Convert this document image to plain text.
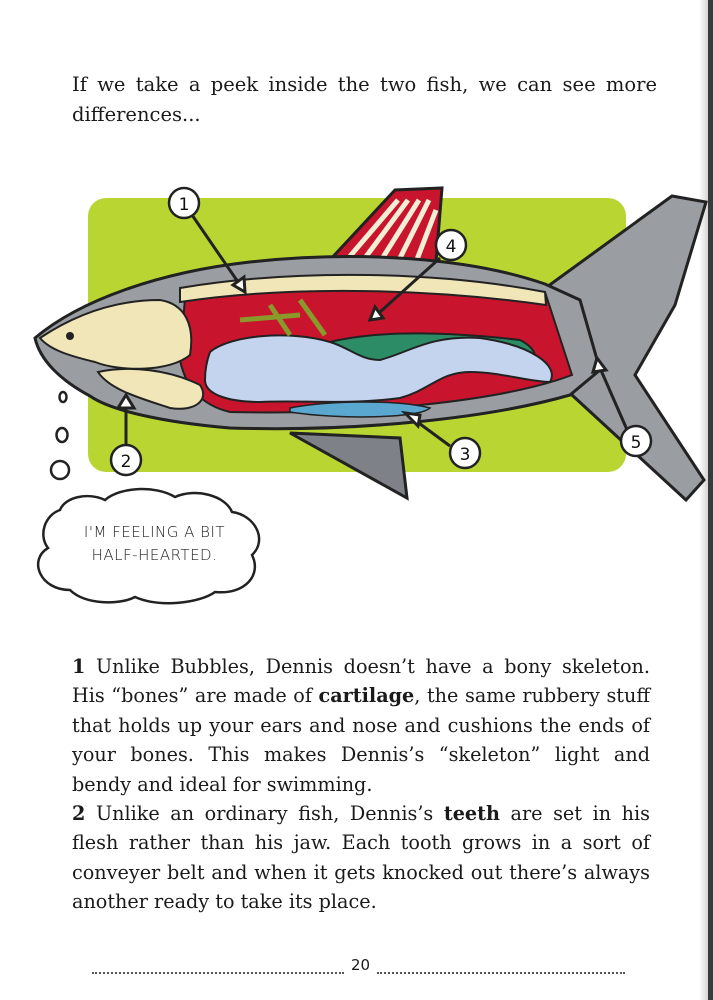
If we take a peek inside the two fish, we can see more differences...

1
4
2	3
5
I'M FEELING A BIT
HALF-HEARTED.

1 Unlike Bubbles, Dennis doesn’t have a bony skeleton. His “bones” are made of cartilage, the same rubbery stuff that holds up your ears and nose and cushions the ends of your bones. This makes Dennis’s “skeleton” light and bendy and ideal for swimming.

2 Unlike an ordinary fish, Dennis’s teeth are set in his flesh rather than his jaw. Each tooth grows in a sort of conveyer belt and when it gets knocked out there’s always another ready to take its place.

20
